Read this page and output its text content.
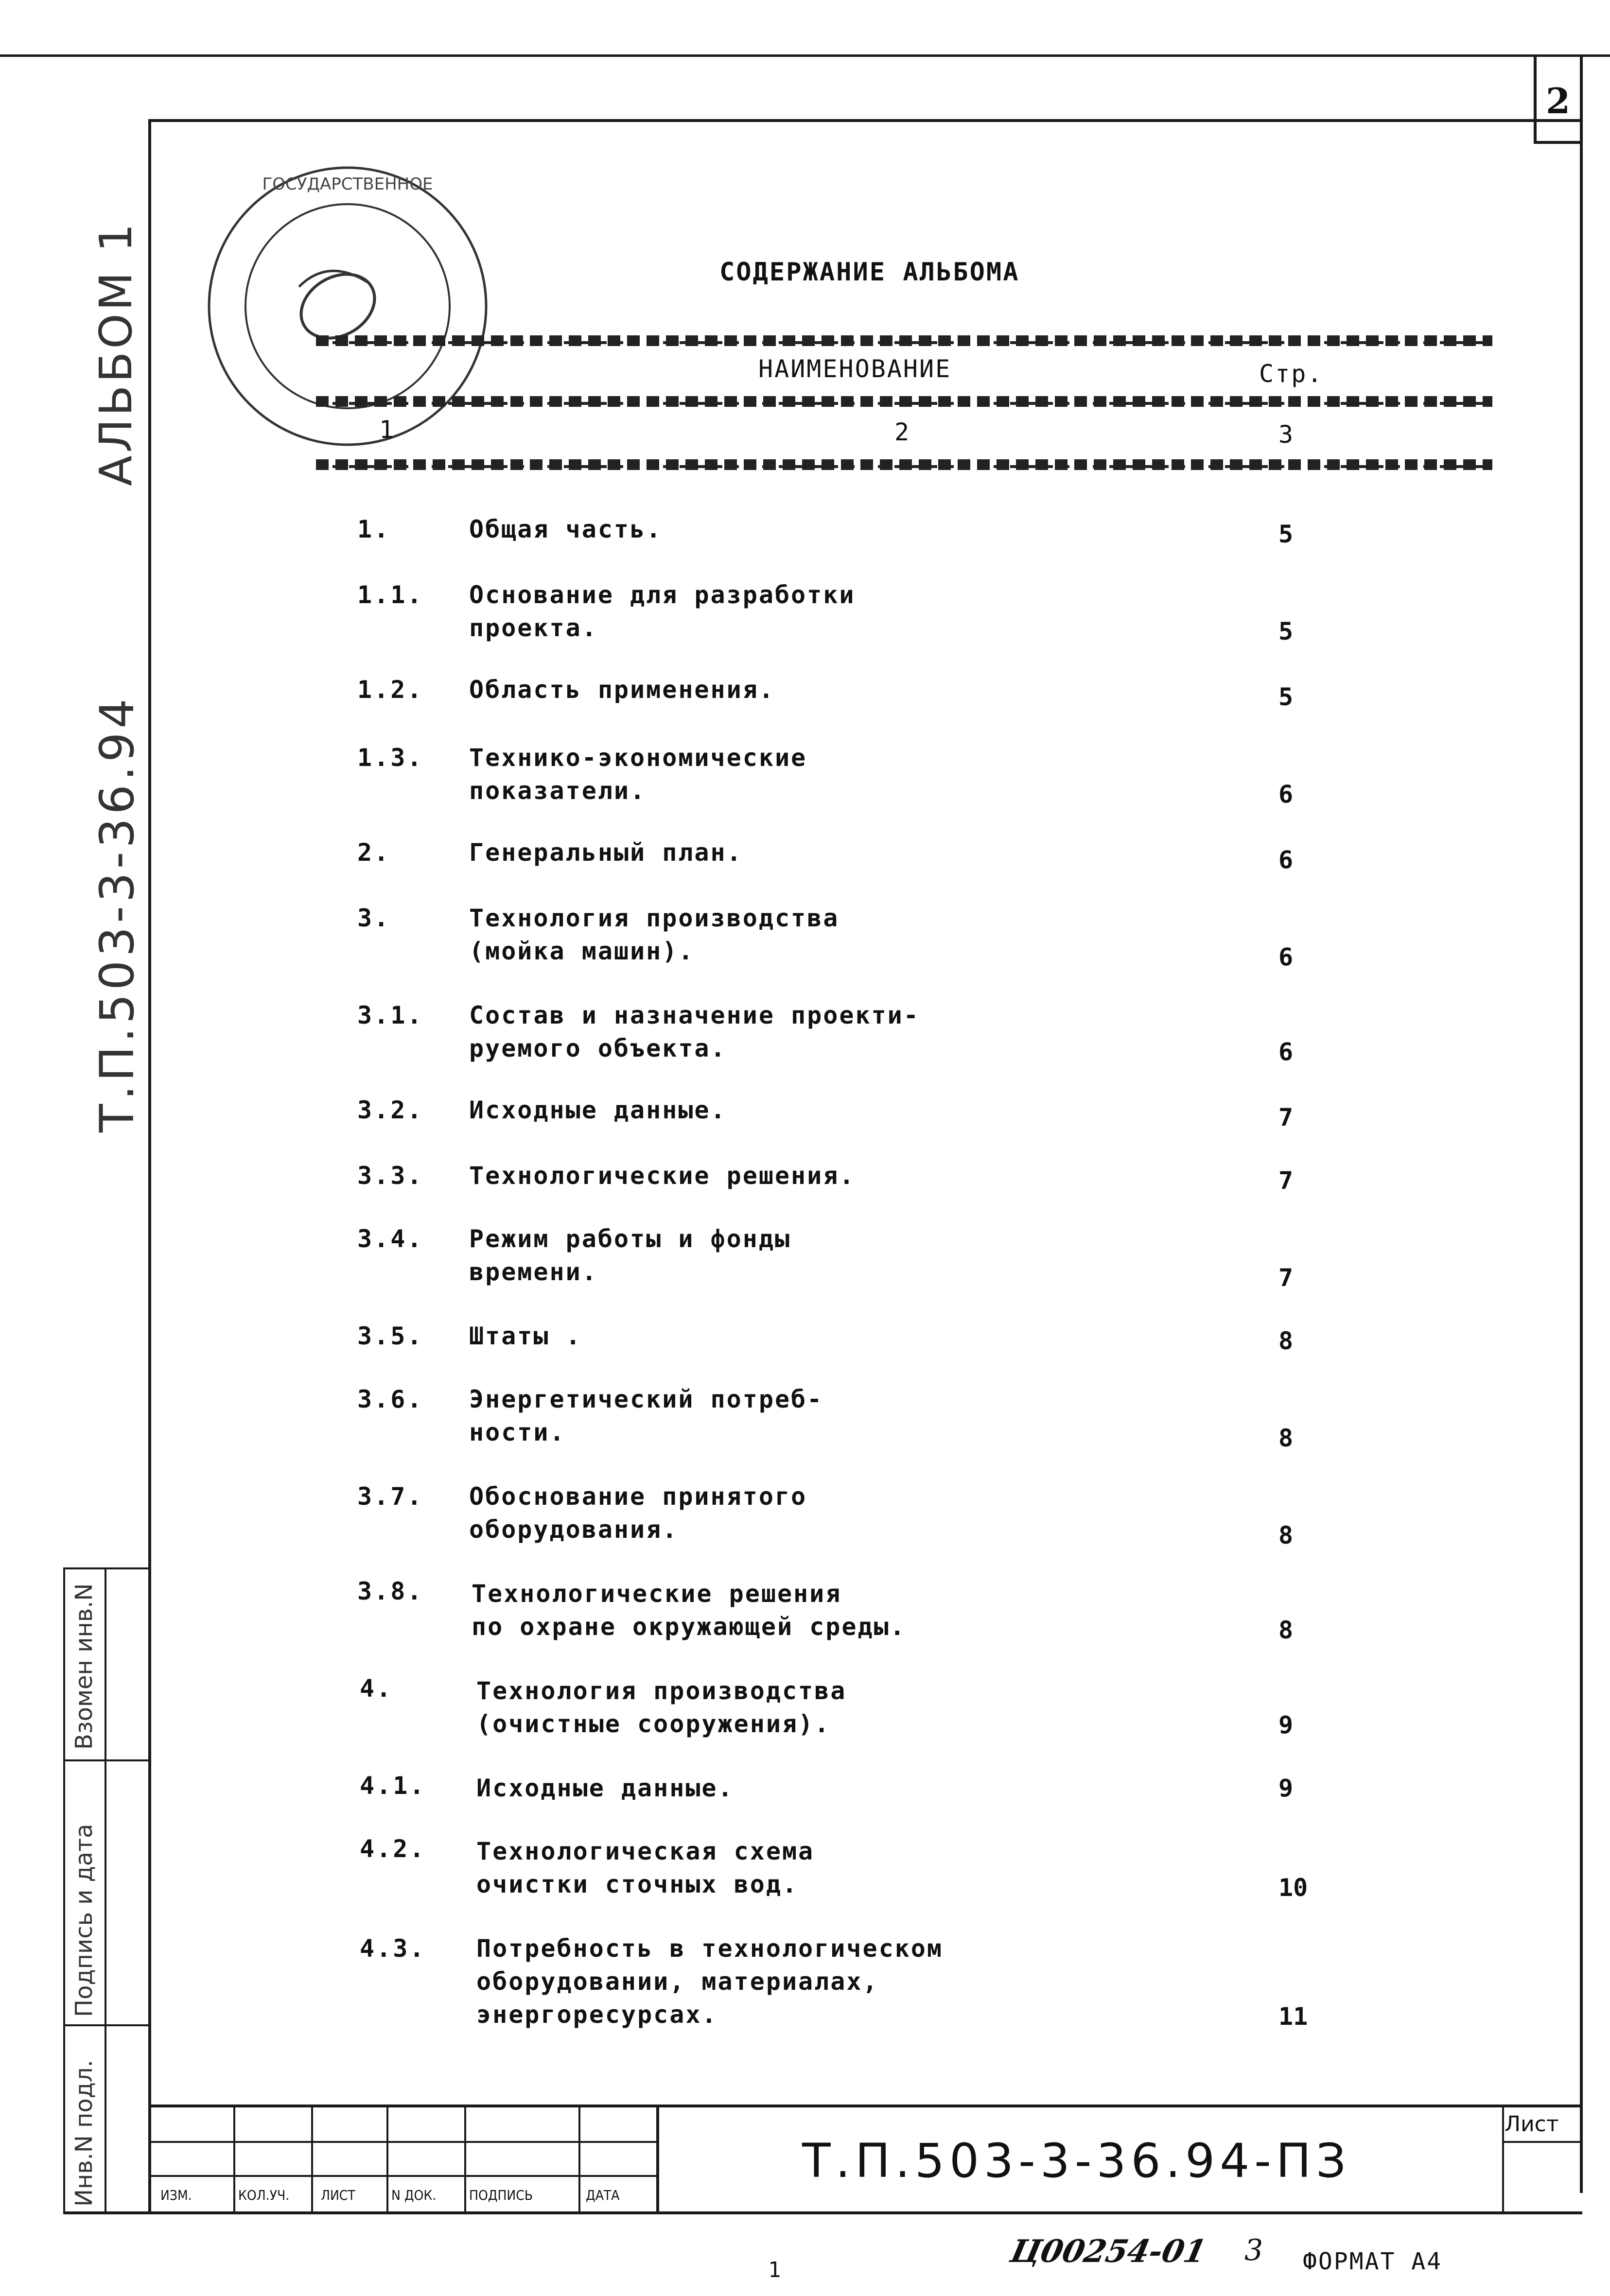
2
АЛЬБОМ 1
Т.П.503-3-36.94
Взомен инв.N
Подпись и дата
Инв.N подл.
ГОСУДАРСТВЕННОЕ
СОДЕРЖАНИЕ АЛЬБОМА
НАИМЕНОВАНИЕ	Стр.
1	2	3
1.	Общая часть.	5
1.1. Основание для разработки
проекта.	5
1.2. Область применения.	5
1.3. Технико-экономические
показатели.	6
2.	Генеральный план.	6
3.	Технология производства
(мойка машин).	6
3.1. Состав и назначение проекти-
руемого объекта.	6
3.2. Исходные данные.	7
3.3. Технологические решения.	7
3.4. Режим работы и фонды
времени.	7
3.5. Штаты .	8
3.6. Энергетический потреб-
ности.	8
3.7. Обоснование принятого
оборудования.	8
3.8. Технологические решения
по охране окружающей среды.	8
4.	Технология производства
(очистные сооружения).	9
4.1. Исходные данные.	9
4.2. Технологическая схема
очистки сточных вод.	10
4.3. Потребность в технологическом
оборудовании, материалах,
энергоресурсах.	11
ИЗМ.	КОЛ.УЧ. ЛИСТ	N ДОК. ПОДПИСЬ	ДАТА
Т.П.503-3-36.94-ПЗ
Лист
Ц00254-01 3 ФОРМАТ А4
1
